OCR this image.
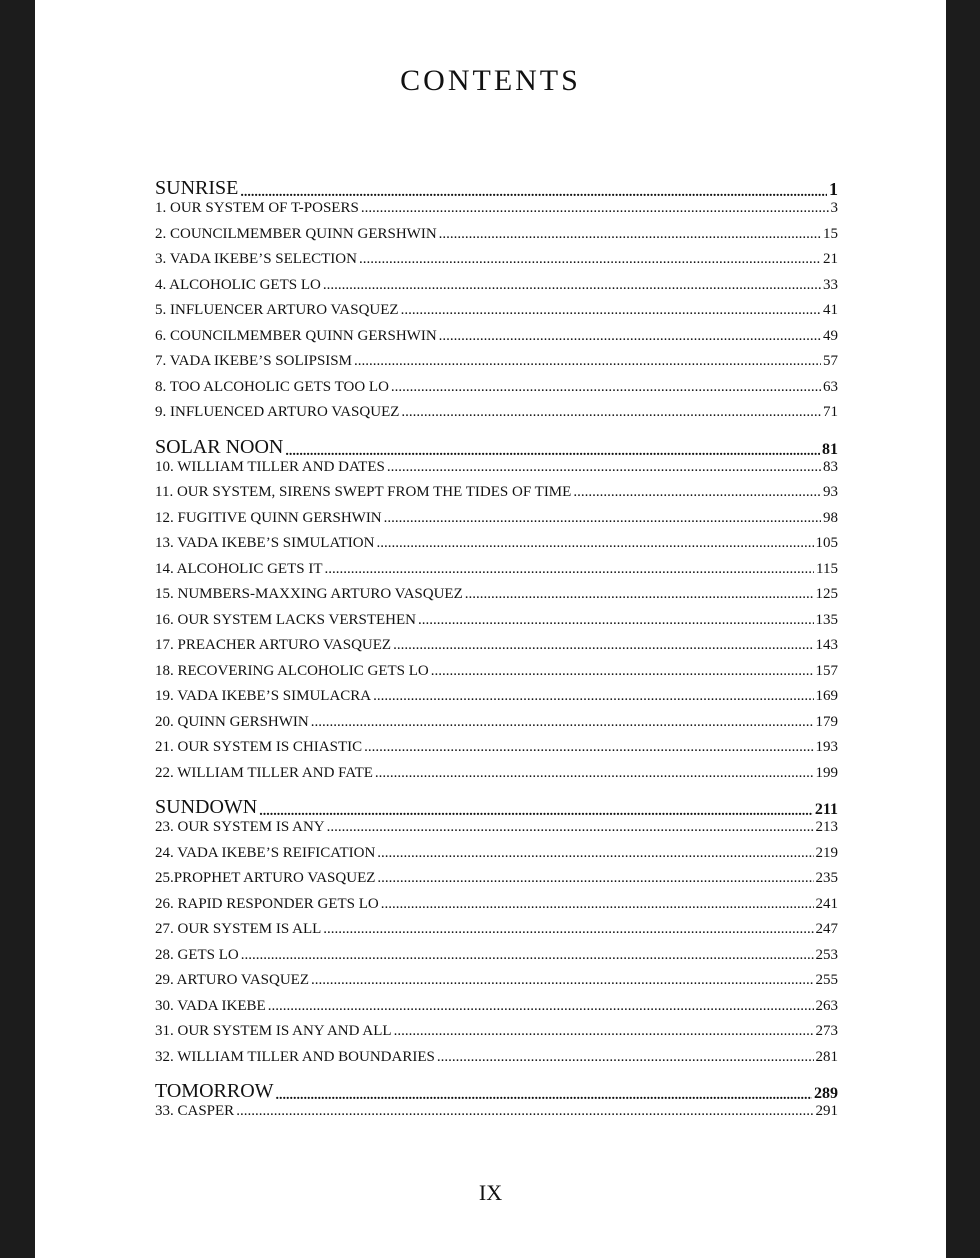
CONTENTS
SUNRISE .....	1
1. OUR SYSTEM OF T-POSERS .....	3
2. COUNCILMEMBER QUINN GERSHWIN .....	15
3. VADA IKEBE’S SELECTION .....	21
4. ALCOHOLIC GETS LO .....	33
5. INFLUENCER ARTURO VASQUEZ .....	41
6. COUNCILMEMBER QUINN GERSHWIN .....	49
7. VADA IKEBE’S SOLIPSISM .....	57
8. TOO ALCOHOLIC GETS TOO LO .....	63
9. INFLUENCED ARTURO VASQUEZ .....	71
SOLAR NOON .....	81
10. WILLIAM TILLER AND DATES .....	83
11. OUR SYSTEM, SIRENS SWEPT FROM THE TIDES OF TIME .....	93
12. FUGITIVE QUINN GERSHWIN .....	98
13. VADA IKEBE’S SIMULATION .....	105
14. ALCOHOLIC GETS IT .....	115
15. NUMBERS-MAXXING ARTURO VASQUEZ .....	125
16. OUR SYSTEM LACKS VERSTEHEN .....	135
17. PREACHER ARTURO VASQUEZ .....	143
18. RECOVERING ALCOHOLIC GETS LO .....	157
19. VADA IKEBE’S SIMULACRA .....	169
20. QUINN GERSHWIN .....	179
21. OUR SYSTEM IS CHIASTIC .....	193
22. WILLIAM TILLER AND FATE .....	199
SUNDOWN .....	211
23. OUR SYSTEM IS ANY .....	213
24. VADA IKEBE’S REIFICATION .....	219
25.PROPHET ARTURO VASQUEZ .....	235
26. RAPID RESPONDER GETS LO .....	241
27. OUR SYSTEM IS ALL .....	247
28. GETS LO .....	253
29. ARTURO VASQUEZ .....	255
30. VADA IKEBE .....	263
31. OUR SYSTEM IS ANY AND ALL .....	273
32. WILLIAM TILLER AND BOUNDARIES .....	281
TOMORROW .....	289
33. CASPER .....	291
IX
